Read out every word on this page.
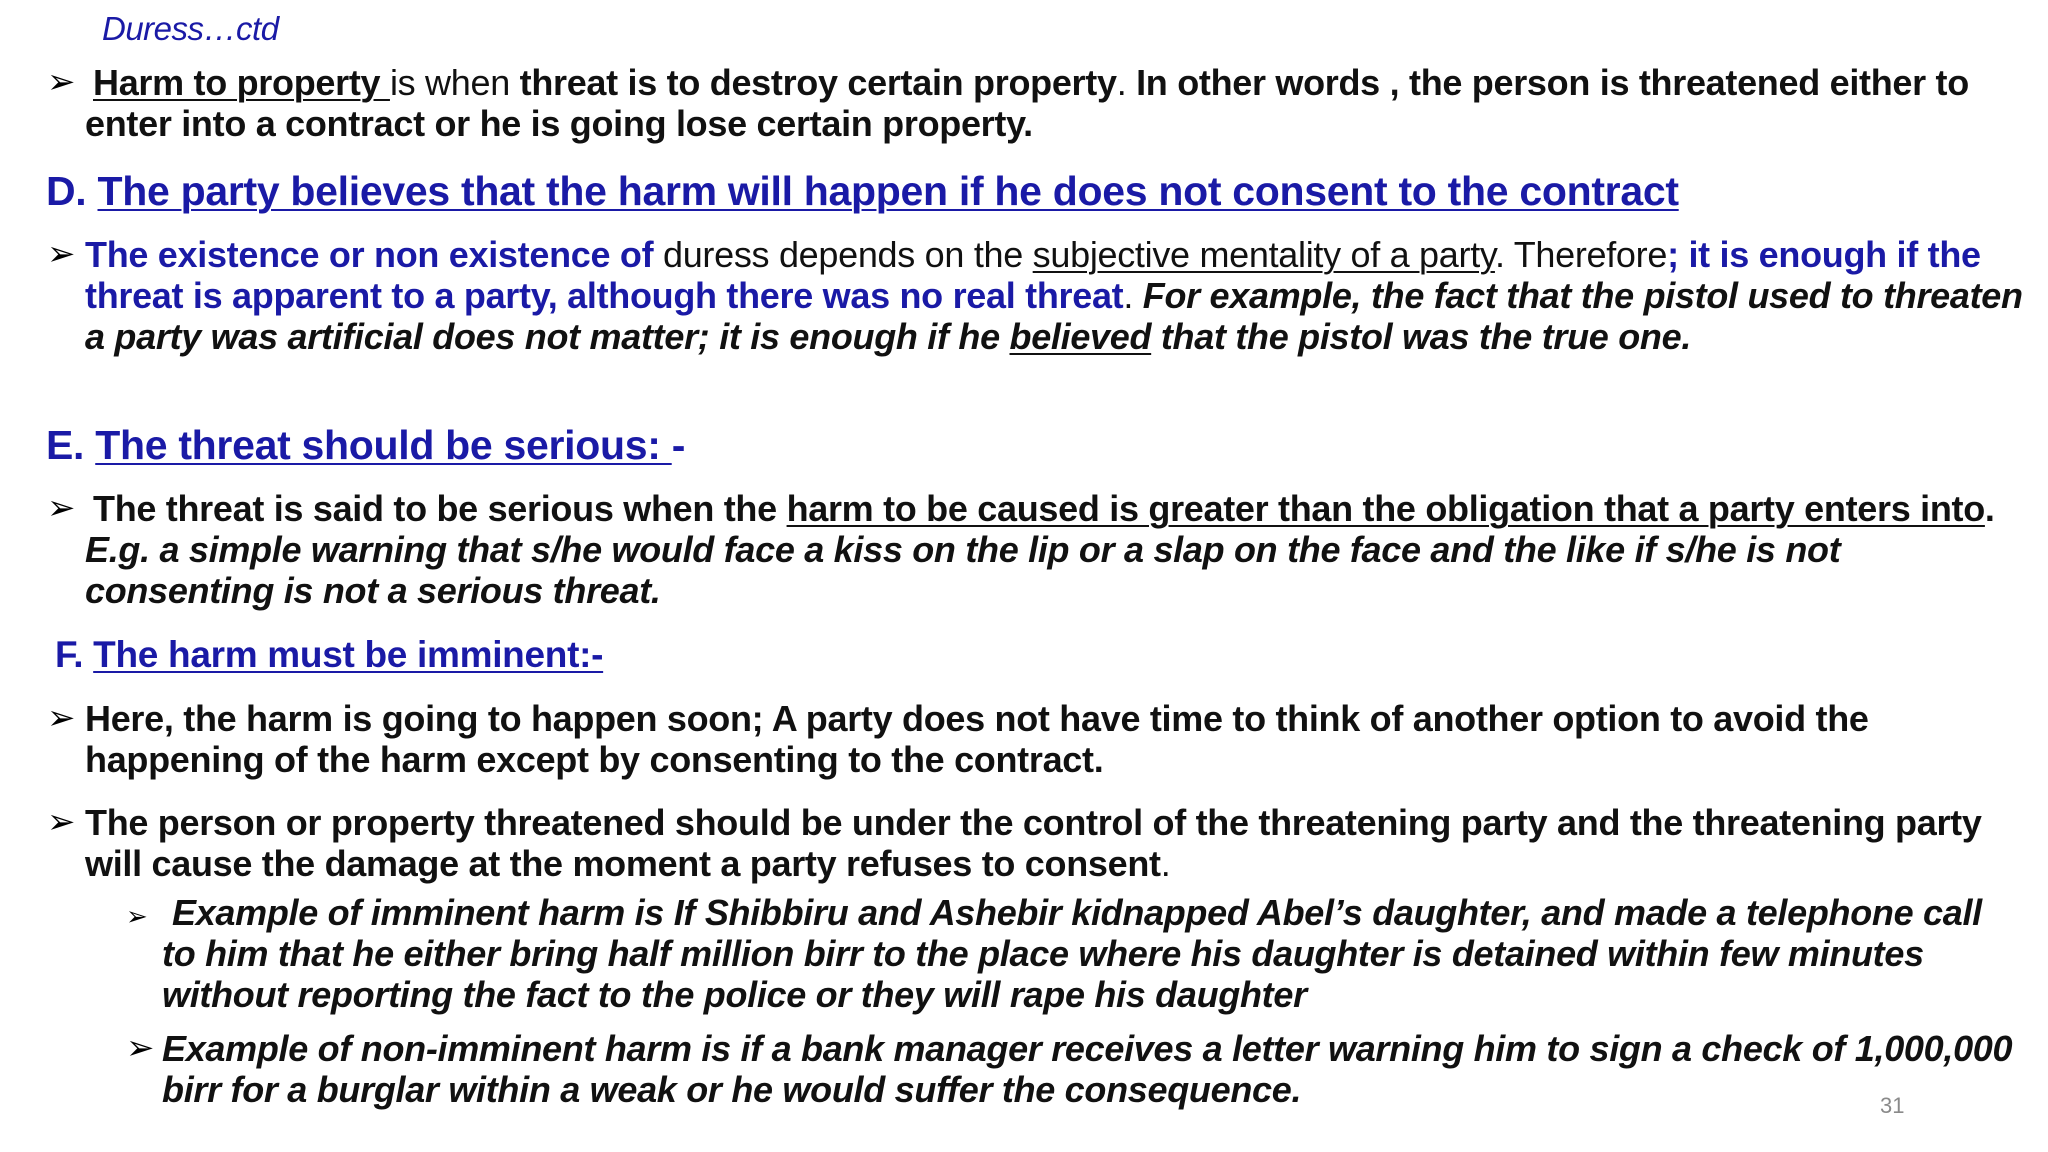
Duress…ctd
➢ Harm to property is when threat is to destroy certain property. In other words , the person is threatened either to enter into a contract or he is going lose certain property.
D. The party believes that the harm will happen if he does not consent to the contract
➢ The existence or non existence of duress depends on the subjective mentality of a party. Therefore; it is enough if the threat is apparent to a party, although there was no real threat. For example, the fact that the pistol used to threaten a party was artificial does not matter; it is enough if he believed that the pistol was the true one.
E. The threat should be serious: -
➢ The threat is said to be serious when the harm to be caused is greater than the obligation that a party enters into. E.g. a simple warning that s/he would face a kiss on the lip or a slap on the face and the like if s/he is not consenting is not a serious threat.
F. The harm must be imminent:-
➢ Here, the harm is going to happen soon; A party does not have time to think of another option to avoid the happening of the harm except by consenting to the contract.
➢ The person or property threatened should be under the control of the threatening party and the threatening party will cause the damage at the moment a party refuses to consent.
➢ Example of imminent harm is If Shibbiru and Ashebir kidnapped Abel’s daughter, and made a telephone call to him that he either bring half million birr to the place where his daughter is detained within few minutes without reporting the fact to the police or they will rape his daughter
➢ Example of non-imminent harm is if a bank manager receives a letter warning him to sign a check of 1,000,000 birr for a burglar within a weak or he would suffer the consequence.	31
